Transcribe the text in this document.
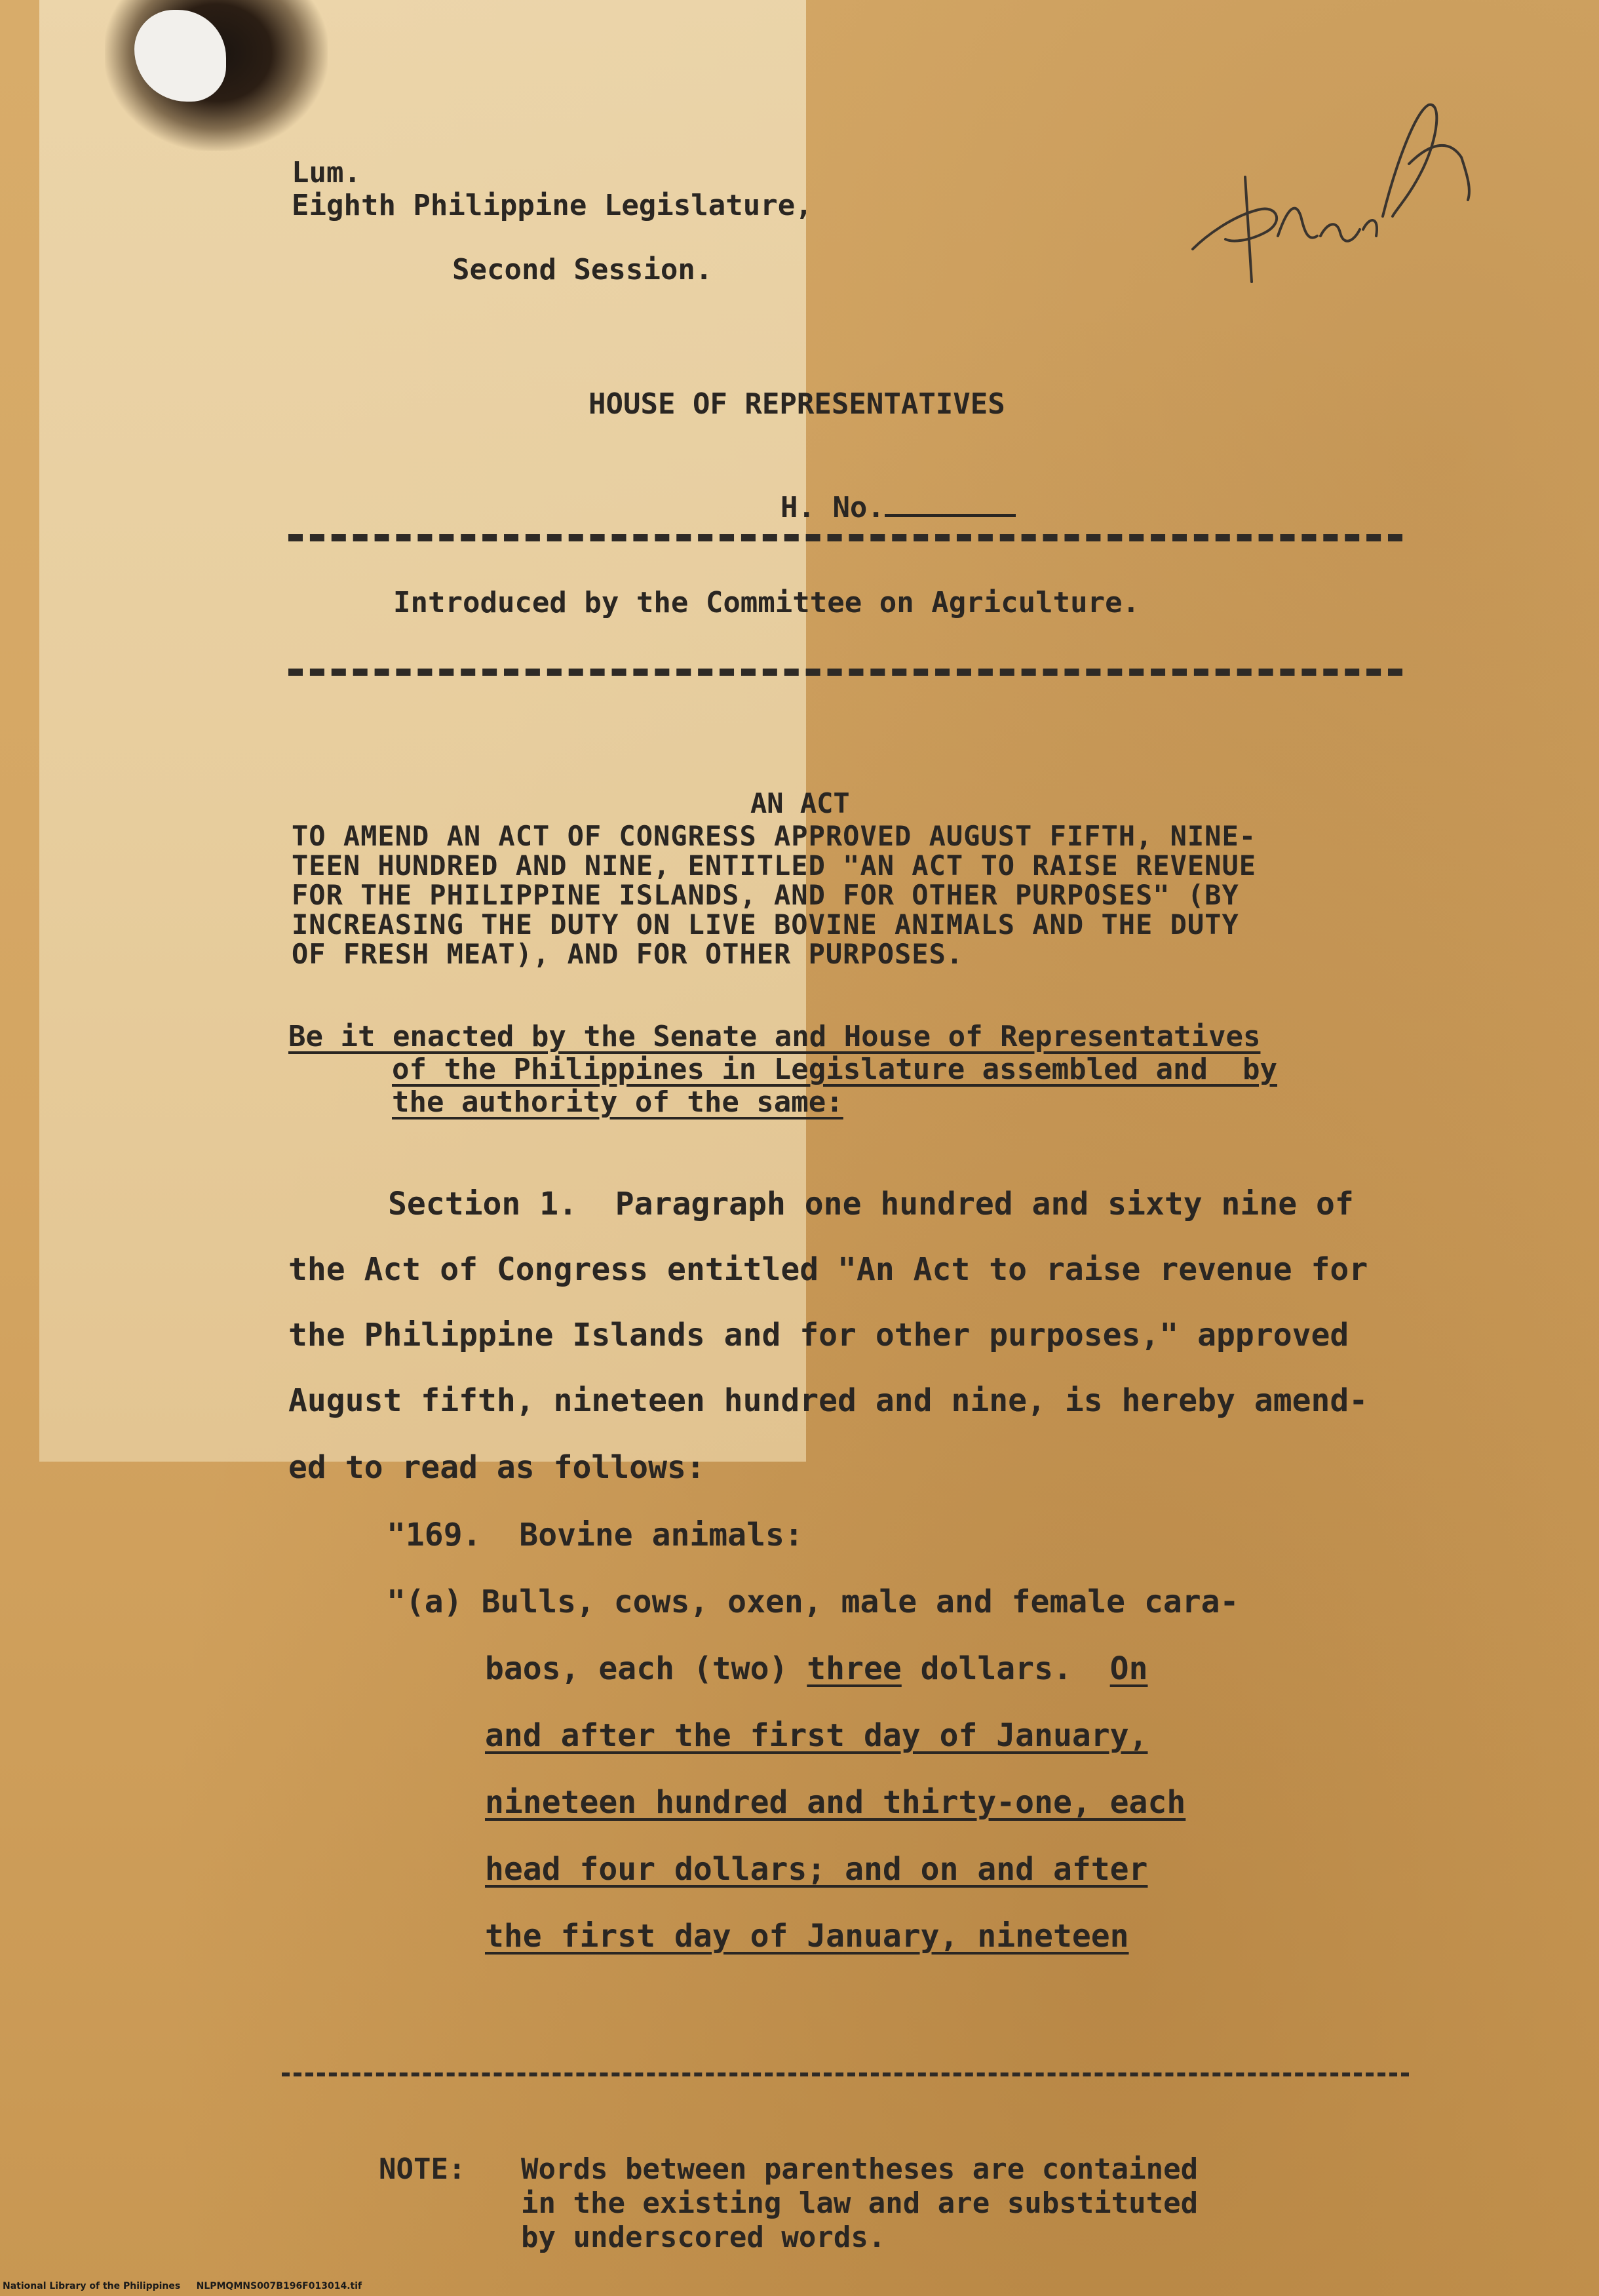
Lum.
Eighth Philippine Legislature,
Second Session.
HOUSE OF REPRESENTATIVES

H. No.

Introduced by the Committee on Agriculture.
AN ACT
TO AMEND AN ACT OF CONGRESS APPROVED AUGUST FIFTH, NINE-
TEEN HUNDRED AND NINE, ENTITLED "AN ACT TO RAISE REVENUE
FOR THE PHILIPPINE ISLANDS, AND FOR OTHER PURPOSES" (BY
INCREASING THE DUTY ON LIVE BOVINE ANIMALS AND THE DUTY
OF FRESH MEAT), AND FOR OTHER PURPOSES.
Be it enacted by the Senate and House of Representatives
of the Philippines in Legislature assembled and  by
the authority of the same:
Section 1.  Paragraph one hundred and sixty nine of
the Act of Congress entitled "An Act to raise revenue for
the Philippine Islands and for other purposes," approved
August fifth, nineteen hundred and nine, is hereby amend-
ed to read as follows:
"169.  Bovine animals:
"(a) Bulls, cows, oxen, male and female cara-
baos, each (two) three dollars.  On
and after the first day of January,
nineteen hundred and thirty-one, each
head four dollars; and on and after
the first day of January, nineteen
NOTE: Words between parentheses are contained
in the existing law and are substituted
by underscored words.
National Library of the Philippines     NLPMQMNS007B196F013014.tif
